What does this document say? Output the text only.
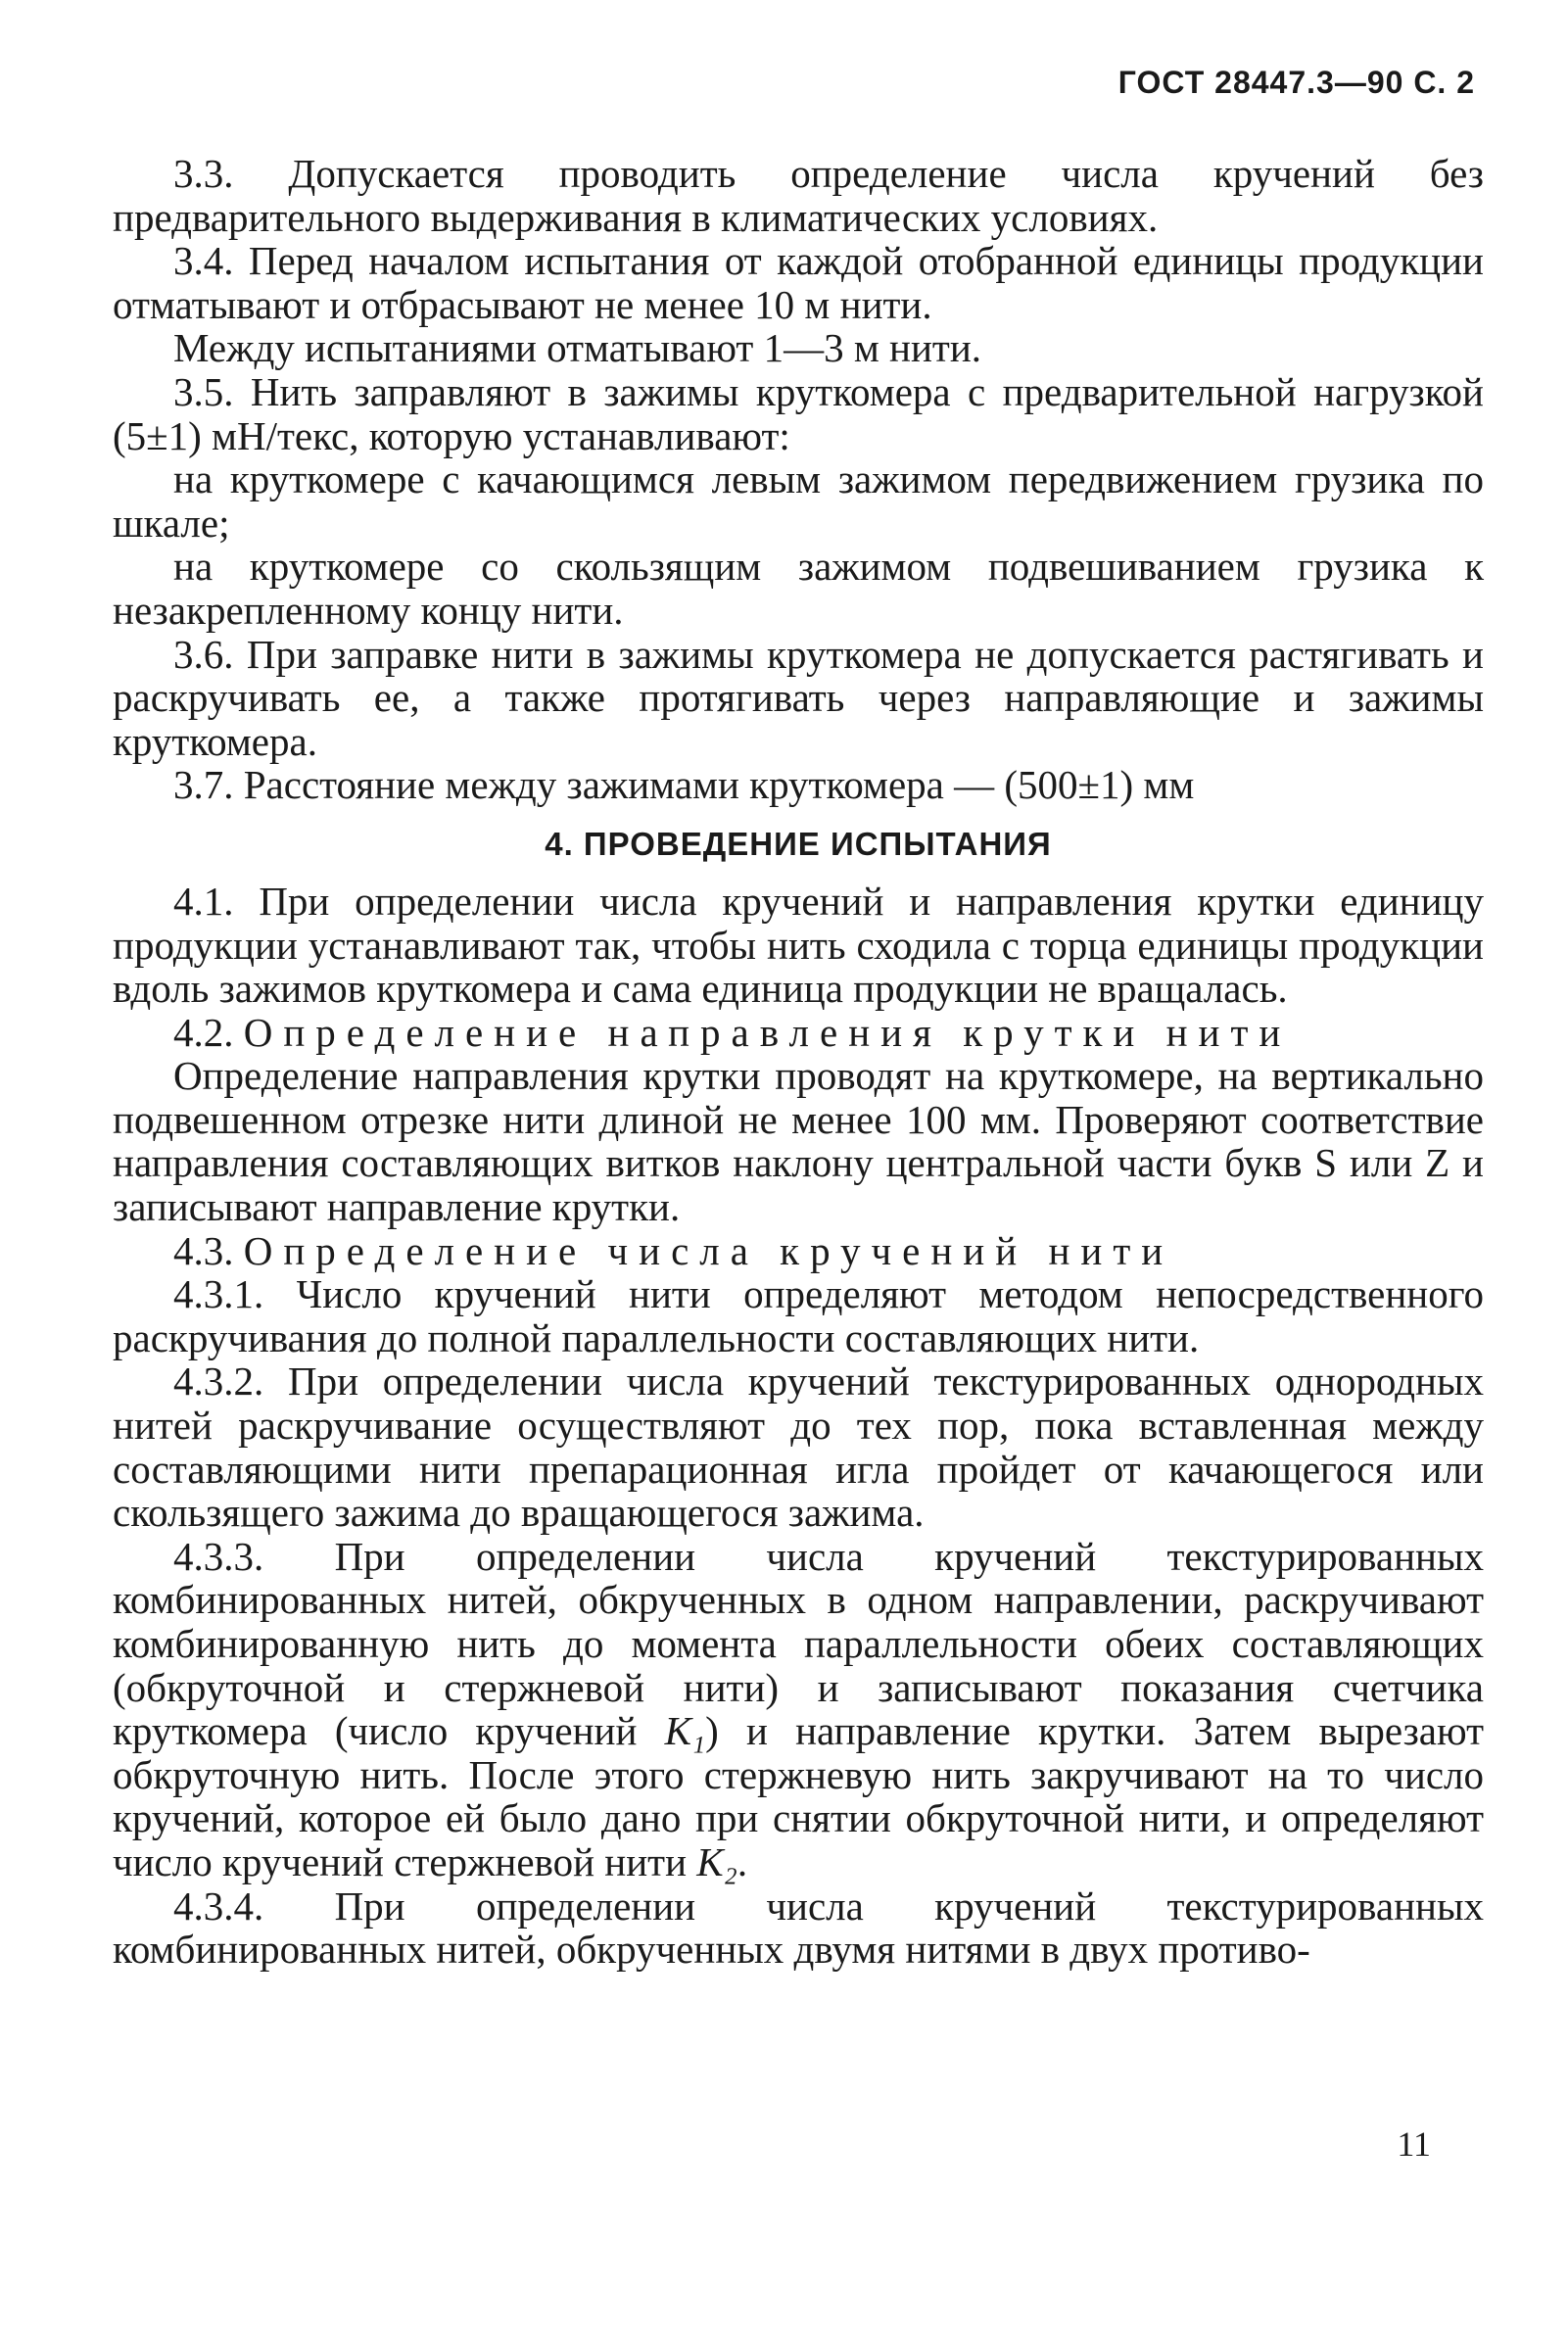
ГОСТ 28447.3—90 С. 2

3.3. Допускается проводить определение числа кручений без предварительного выдерживания в климатических условиях.

3.4. Перед началом испытания от каждой отобранной единицы продукции отматывают и отбрасывают не менее 10 м нити.

Между испытаниями отматывают 1—3 м нити.

3.5. Нить заправляют в зажимы круткомера с предварительной нагрузкой (5±1) мН/текс, которую устанавливают:

на круткомере с качающимся левым зажимом передвижением грузика по шкале;

на круткомере со скользящим зажимом подвешиванием грузика к незакрепленному концу нити.

3.6. При заправке нити в зажимы круткомера не допускается растягивать и раскручивать ее, а также протягивать через направляющие и зажимы круткомера.

3.7. Расстояние между зажимами круткомера — (500±1) мм

4. ПРОВЕДЕНИЕ ИСПЫТАНИЯ

4.1. При определении числа кручений и направления крутки единицу продукции устанавливают так, чтобы нить сходила с торца единицы продукции вдоль зажимов круткомера и сама единица продукции не вращалась.

4.2. Определение направления крутки нити

Определение направления крутки проводят на круткомере, на вертикально подвешенном отрезке нити длиной не менее 100 мм. Проверяют соответствие направления составляющих витков наклону центральной части букв S или Z и записывают направление крутки.

4.3. Определение числа кручений нити

4.3.1. Число кручений нити определяют методом непосредственного раскручивания до полной параллельности составляющих нити.

4.3.2. При определении числа кручений текстурированных однородных нитей раскручивание осуществляют до тех пор, пока вставленная между составляющими нити препарационная игла пройдет от качающегося или скользящего зажима до вращающегося зажима.

4.3.3. При определении числа кручений текстурированных комбинированных нитей, обкрученных в одном направлении, раскручивают комбинированную нить до момента параллельности обеих составляющих (обкруточной и стержневой нити) и записывают показания счетчика круткомера (число кручений K₁) и направление крутки. Затем вырезают обкруточную нить. После этого стержневую нить закручивают на то число кручений, которое ей было дано при снятии обкруточной нити, и определяют число кручений стержневой нити K₂.

4.3.4. При определении числа кручений текстурированных комбинированных нитей, обкрученных двумя нитями в двух противо-

11
